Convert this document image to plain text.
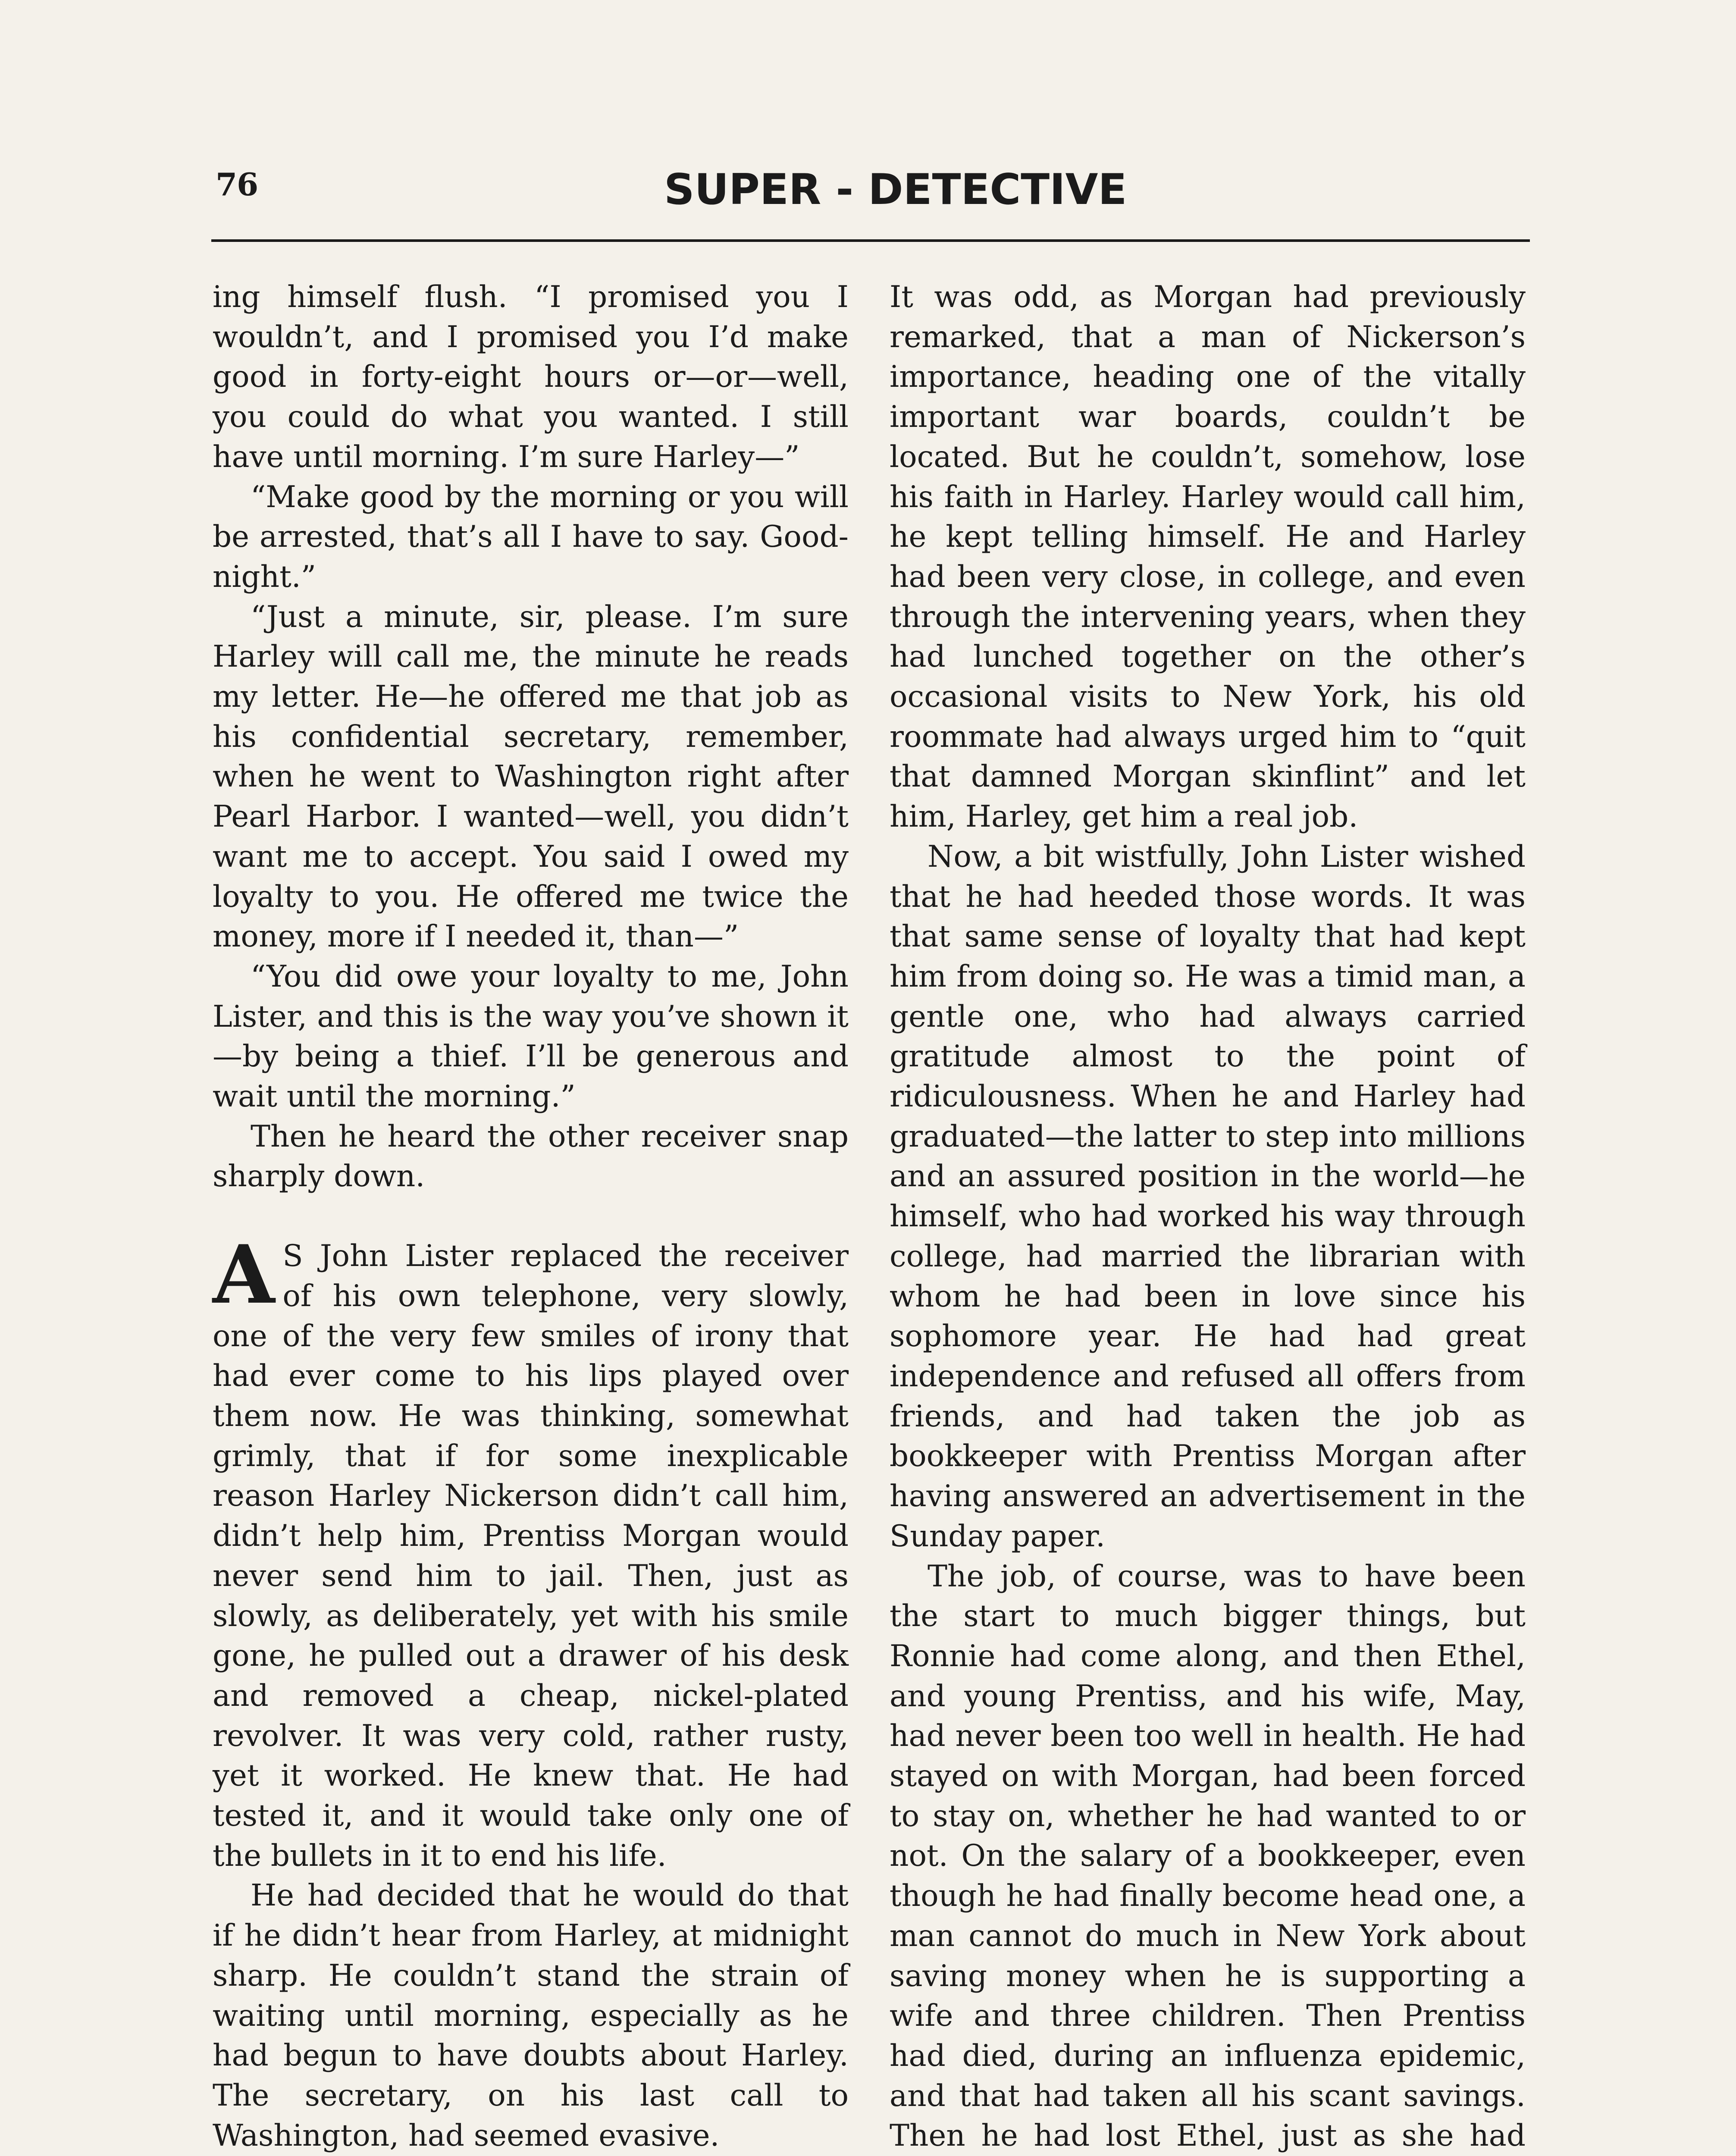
76	SUPER - DETECTIVE

ing himself flush. “I promised you I wouldn’t, and I promised you I’d make good in forty-eight hours or—or—well, you could do what you wanted. I still have until morning. I’m sure Harley—”

“Make good by the morning or you will be arrested, that’s all I have to say. Good-night.”

“Just a minute, sir, please. I’m sure Harley will call me, the minute he reads my letter. He—he offered me that job as his confidential secretary, remember, when he went to Washington right after Pearl Harbor. I wanted—well, you didn’t want me to accept. You said I owed my loyalty to you. He offered me twice the money, more if I needed it, than—”

“You did owe your loyalty to me, John Lister, and this is the way you’ve shown it—by being a thief. I’ll be generous and wait until the morning.”

Then he heard the other receiver snap sharply down.

A S John Lister replaced the receiver of his own telephone, very slowly, one of the very few smiles of irony that had ever come to his lips played over them now. He was thinking, somewhat grimly, that if for some inexplicable reason Harley Nickerson didn’t call him, didn’t help him, Prentiss Morgan would never send him to jail. Then, just as slowly, as deliberately, yet with his smile gone, he pulled out a drawer of his desk and removed a cheap, nickel-plated revolver. It was very cold, rather rusty, yet it worked. He knew that. He had tested it, and it would take only one of the bullets in it to end his life.

He had decided that he would do that if he didn’t hear from Harley, at midnight sharp. He couldn’t stand the strain of waiting until morning, especially as he had begun to have doubts about Harley. The secretary, on his last call to Washington, had seemed evasive.

It was odd, as Morgan had previously remarked, that a man of Nickerson’s importance, heading one of the vitally important war boards, couldn’t be located. But he couldn’t, somehow, lose his faith in Harley. Harley would call him, he kept telling himself. He and Harley had been very close, in college, and even through the intervening years, when they had lunched together on the other’s occasional visits to New York, his old roommate had always urged him to “quit that damned Morgan skinflint” and let him, Harley, get him a real job.

Now, a bit wistfully, John Lister wished that he had heeded those words. It was that same sense of loyalty that had kept him from doing so. He was a timid man, a gentle one, who had always carried gratitude almost to the point of ridiculousness. When he and Harley had graduated—the latter to step into millions and an assured position in the world—he himself, who had worked his way through college, had married the librarian with whom he had been in love since his sophomore year. He had had great independence and refused all offers from friends, and had taken the job as bookkeeper with Prentiss Morgan after having answered an advertisement in the Sunday paper.

The job, of course, was to have been the start to much bigger things, but Ronnie had come along, and then Ethel, and young Prentiss, and his wife, May, had never been too well in health. He had stayed on with Morgan, had been forced to stay on, whether he had wanted to or not. On the salary of a bookkeeper, even though he had finally become head one, a man cannot do much in New York about saving money when he is supporting a wife and three children. Then Prentiss had died, during an influenza epidemic, and that had taken all his scant savings. Then he had lost Ethel, just as she had
